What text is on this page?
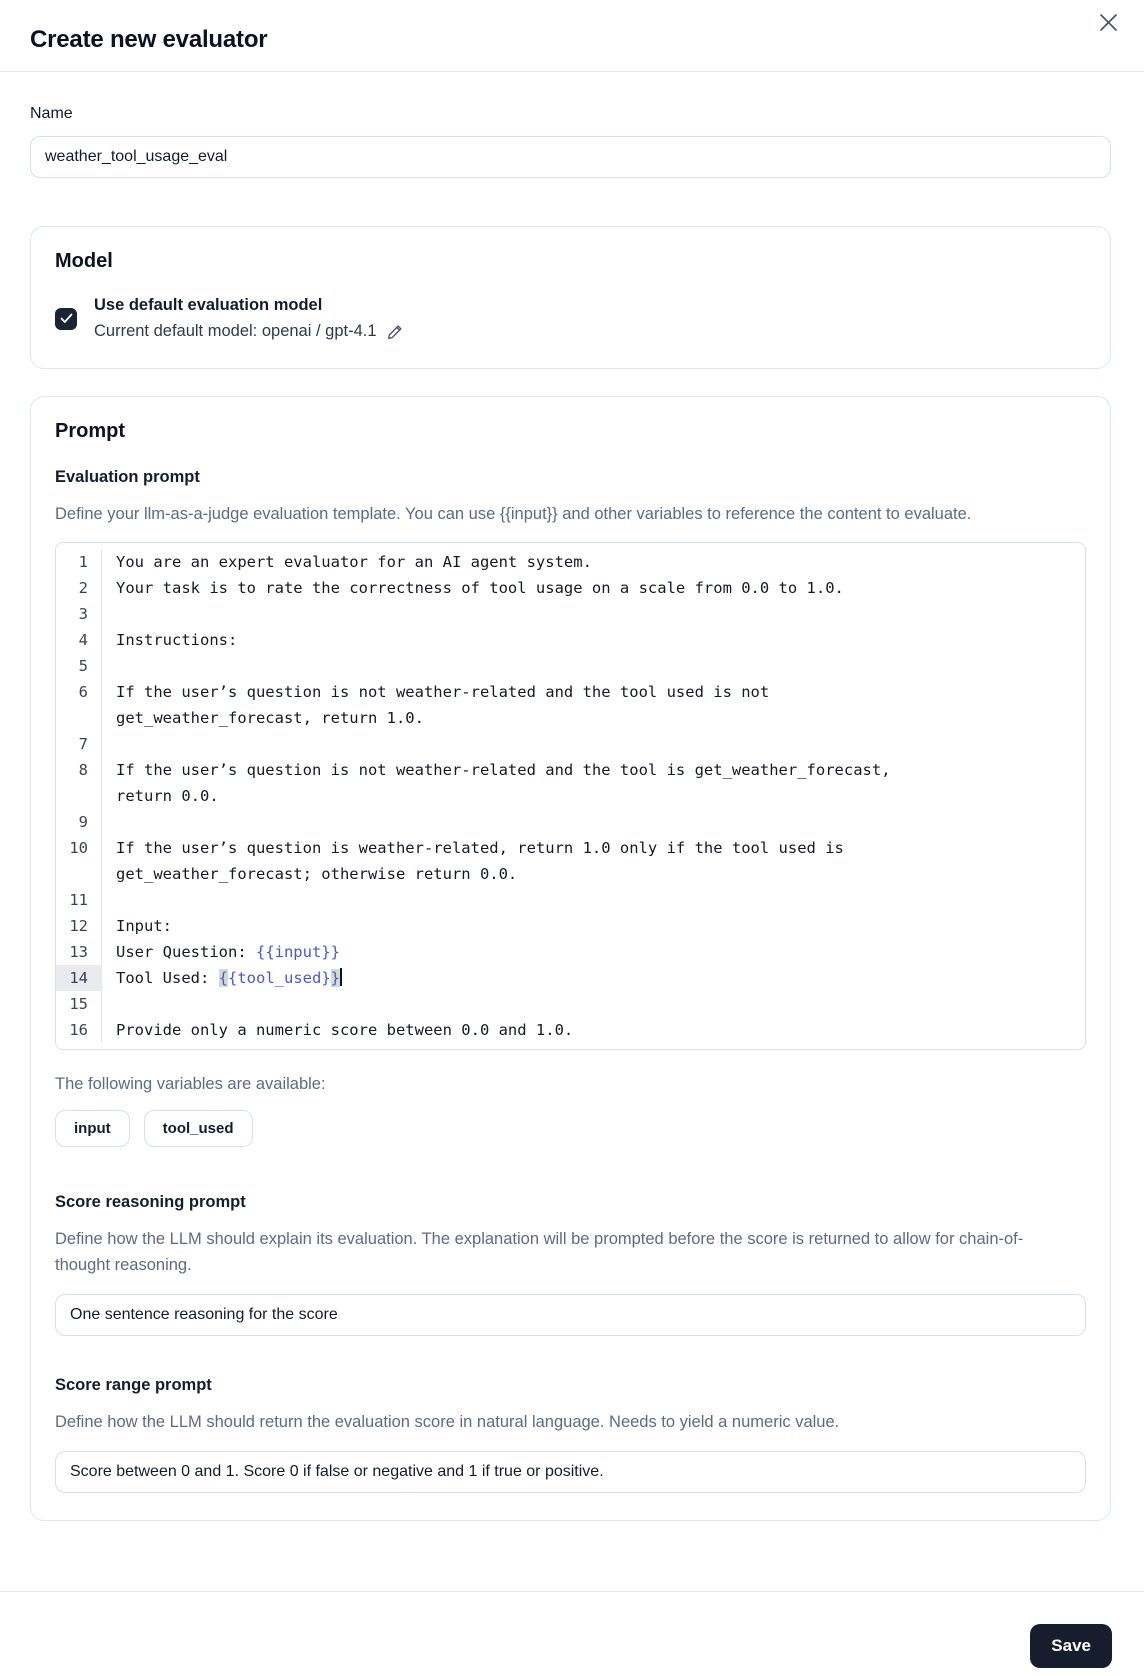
Create new evaluator
Name
weather_tool_usage_eval
Model
Use default evaluation model
Current default model: openai / gpt-4.1
Prompt
Evaluation prompt

Define your llm-as-a-judge evaluation template. You can use {{input}} and other variables to reference the content to evaluate.

1	You are an expert evaluator for an AI agent system.
2	Your task is to rate the correctness of tool usage on a scale from 0.0 to 1.0.
3

4	Instructions:
5

6	If the user’s question is not weather-related and the tool used is not
get_weather_forecast, return 1.0.
7

8	If the user’s question is not weather-related and the tool is get_weather_forecast,
return 0.0.
9

10	If the user’s question is weather-related, return 1.0 only if the tool used is
get_weather_forecast; otherwise return 0.0.
11

12	Input:
13	User Question: {{input}}
14	Tool Used: {{tool_used}}
15

16	Provide only a numeric score between 0.0 and 1.0.

The following variables are available:

input	tool_used
Score reasoning prompt

Define how the LLM should explain its evaluation. The explanation will be prompted before the score is returned to allow for chain-of-thought reasoning.

One sentence reasoning for the score
Score range prompt

Define how the LLM should return the evaluation score in natural language. Needs to yield a numeric value.

Score between 0 and 1. Score 0 if false or negative and 1 if true or positive.
Save
